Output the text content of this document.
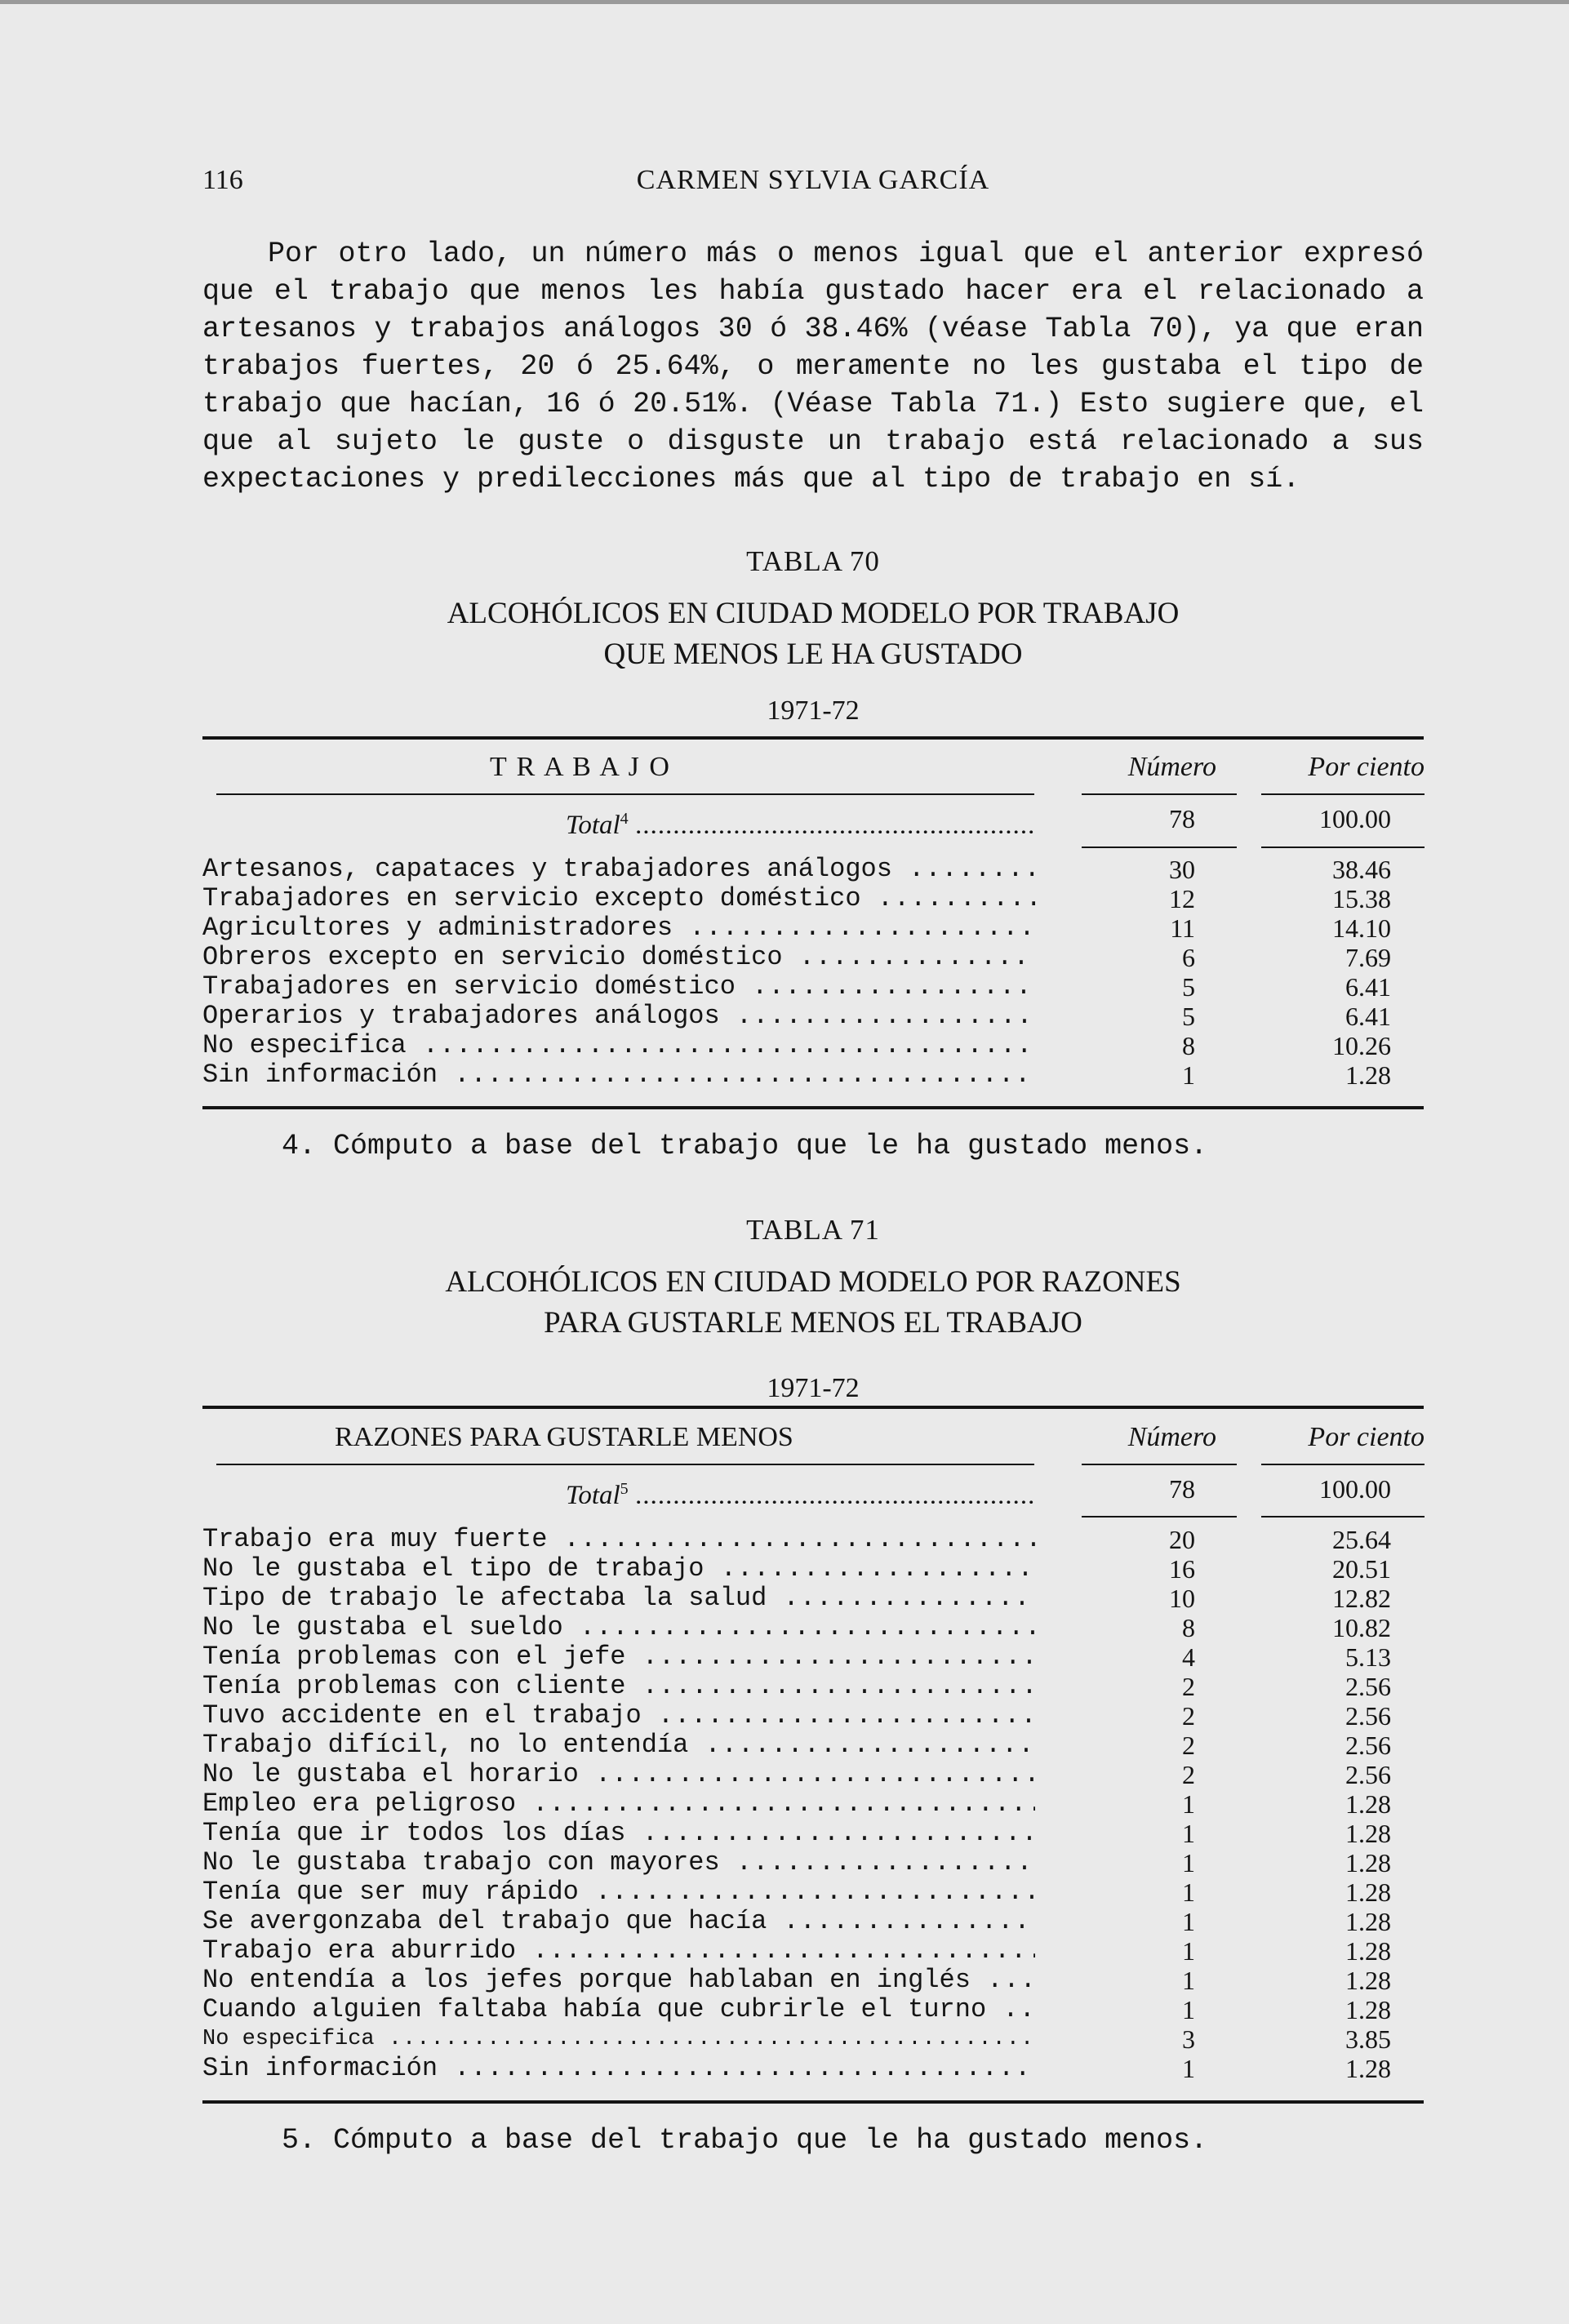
116	CARMEN SYLVIA GARCÍA

Por otro lado, un número más o menos igual que el anterior expresó que el trabajo que menos les había gustado hacer era el relacionado a artesanos y trabajos análogos 30 ó 38.46% (véase Tabla 70), ya que eran trabajos fuertes, 20 ó 25.64%, o meramente no les gustaba el tipo de trabajo que hacían, 16 ó 20.51%. (Véase Tabla 71.) Esto sugiere que, el que al sujeto le guste o disguste un trabajo está relacionado a sus expectaciones y predilecciones más que al tipo de trabajo en sí.

TABLA 70
ALCOHÓLICOS EN CIUDAD MODELO POR TRABAJO
QUE MENOS LE HA GUSTADO
1971-72
T R A B A J O	Número	Por ciento
Total$^4$ .....	78	100.00
Artesanos, capataces y trabajadores análogos .....	30	38.46
Trabajadores en servicio excepto doméstico .....	12	15.38
Agricultores y administradores .....	11	14.10
Obreros excepto en servicio doméstico .....	6	7.69
Trabajadores en servicio doméstico .....	5	6.41
Operarios y trabajadores análogos .....	5	6.41
No especifica .....	8	10.26
Sin información .....	1	1.28
4. Cómputo a base del trabajo que le ha gustado menos.
TABLA 71
ALCOHÓLICOS EN CIUDAD MODELO POR RAZONES
PARA GUSTARLE MENOS EL TRABAJO
1971-72
RAZONES PARA GUSTARLE MENOS	Número	Por ciento
Total$^5$ .....	78	100.00
Trabajo era muy fuerte .....	20	25.64
No le gustaba el tipo de trabajo .....	16	20.51
Tipo de trabajo le afectaba la salud .....	10	12.82
No le gustaba el sueldo .....	8	10.82
Tenía problemas con el jefe .....	4	5.13
Tenía problemas con cliente .....	2	2.56
Tuvo accidente en el trabajo .....	2	2.56
Trabajo difícil, no lo entendía .....	2	2.56
No le gustaba el horario .....	2	2.56
Empleo era peligroso .....	1	1.28
Tenía que ir todos los días .....	1	1.28
No le gustaba trabajo con mayores .....	1	1.28
Tenía que ser muy rápido .....	1	1.28
Se avergonzaba del trabajo que hacía .....	1	1.28
Trabajo era aburrido .....	1	1.28
No entendía a los jefes porque hablaban en inglés .....	1	1.28
Cuando alguien faltaba había que cubrirle el turno .....	1	1.28
No especifica .....	3	3.85
Sin información .....	1	1.28
5. Cómputo a base del trabajo que le ha gustado menos.
